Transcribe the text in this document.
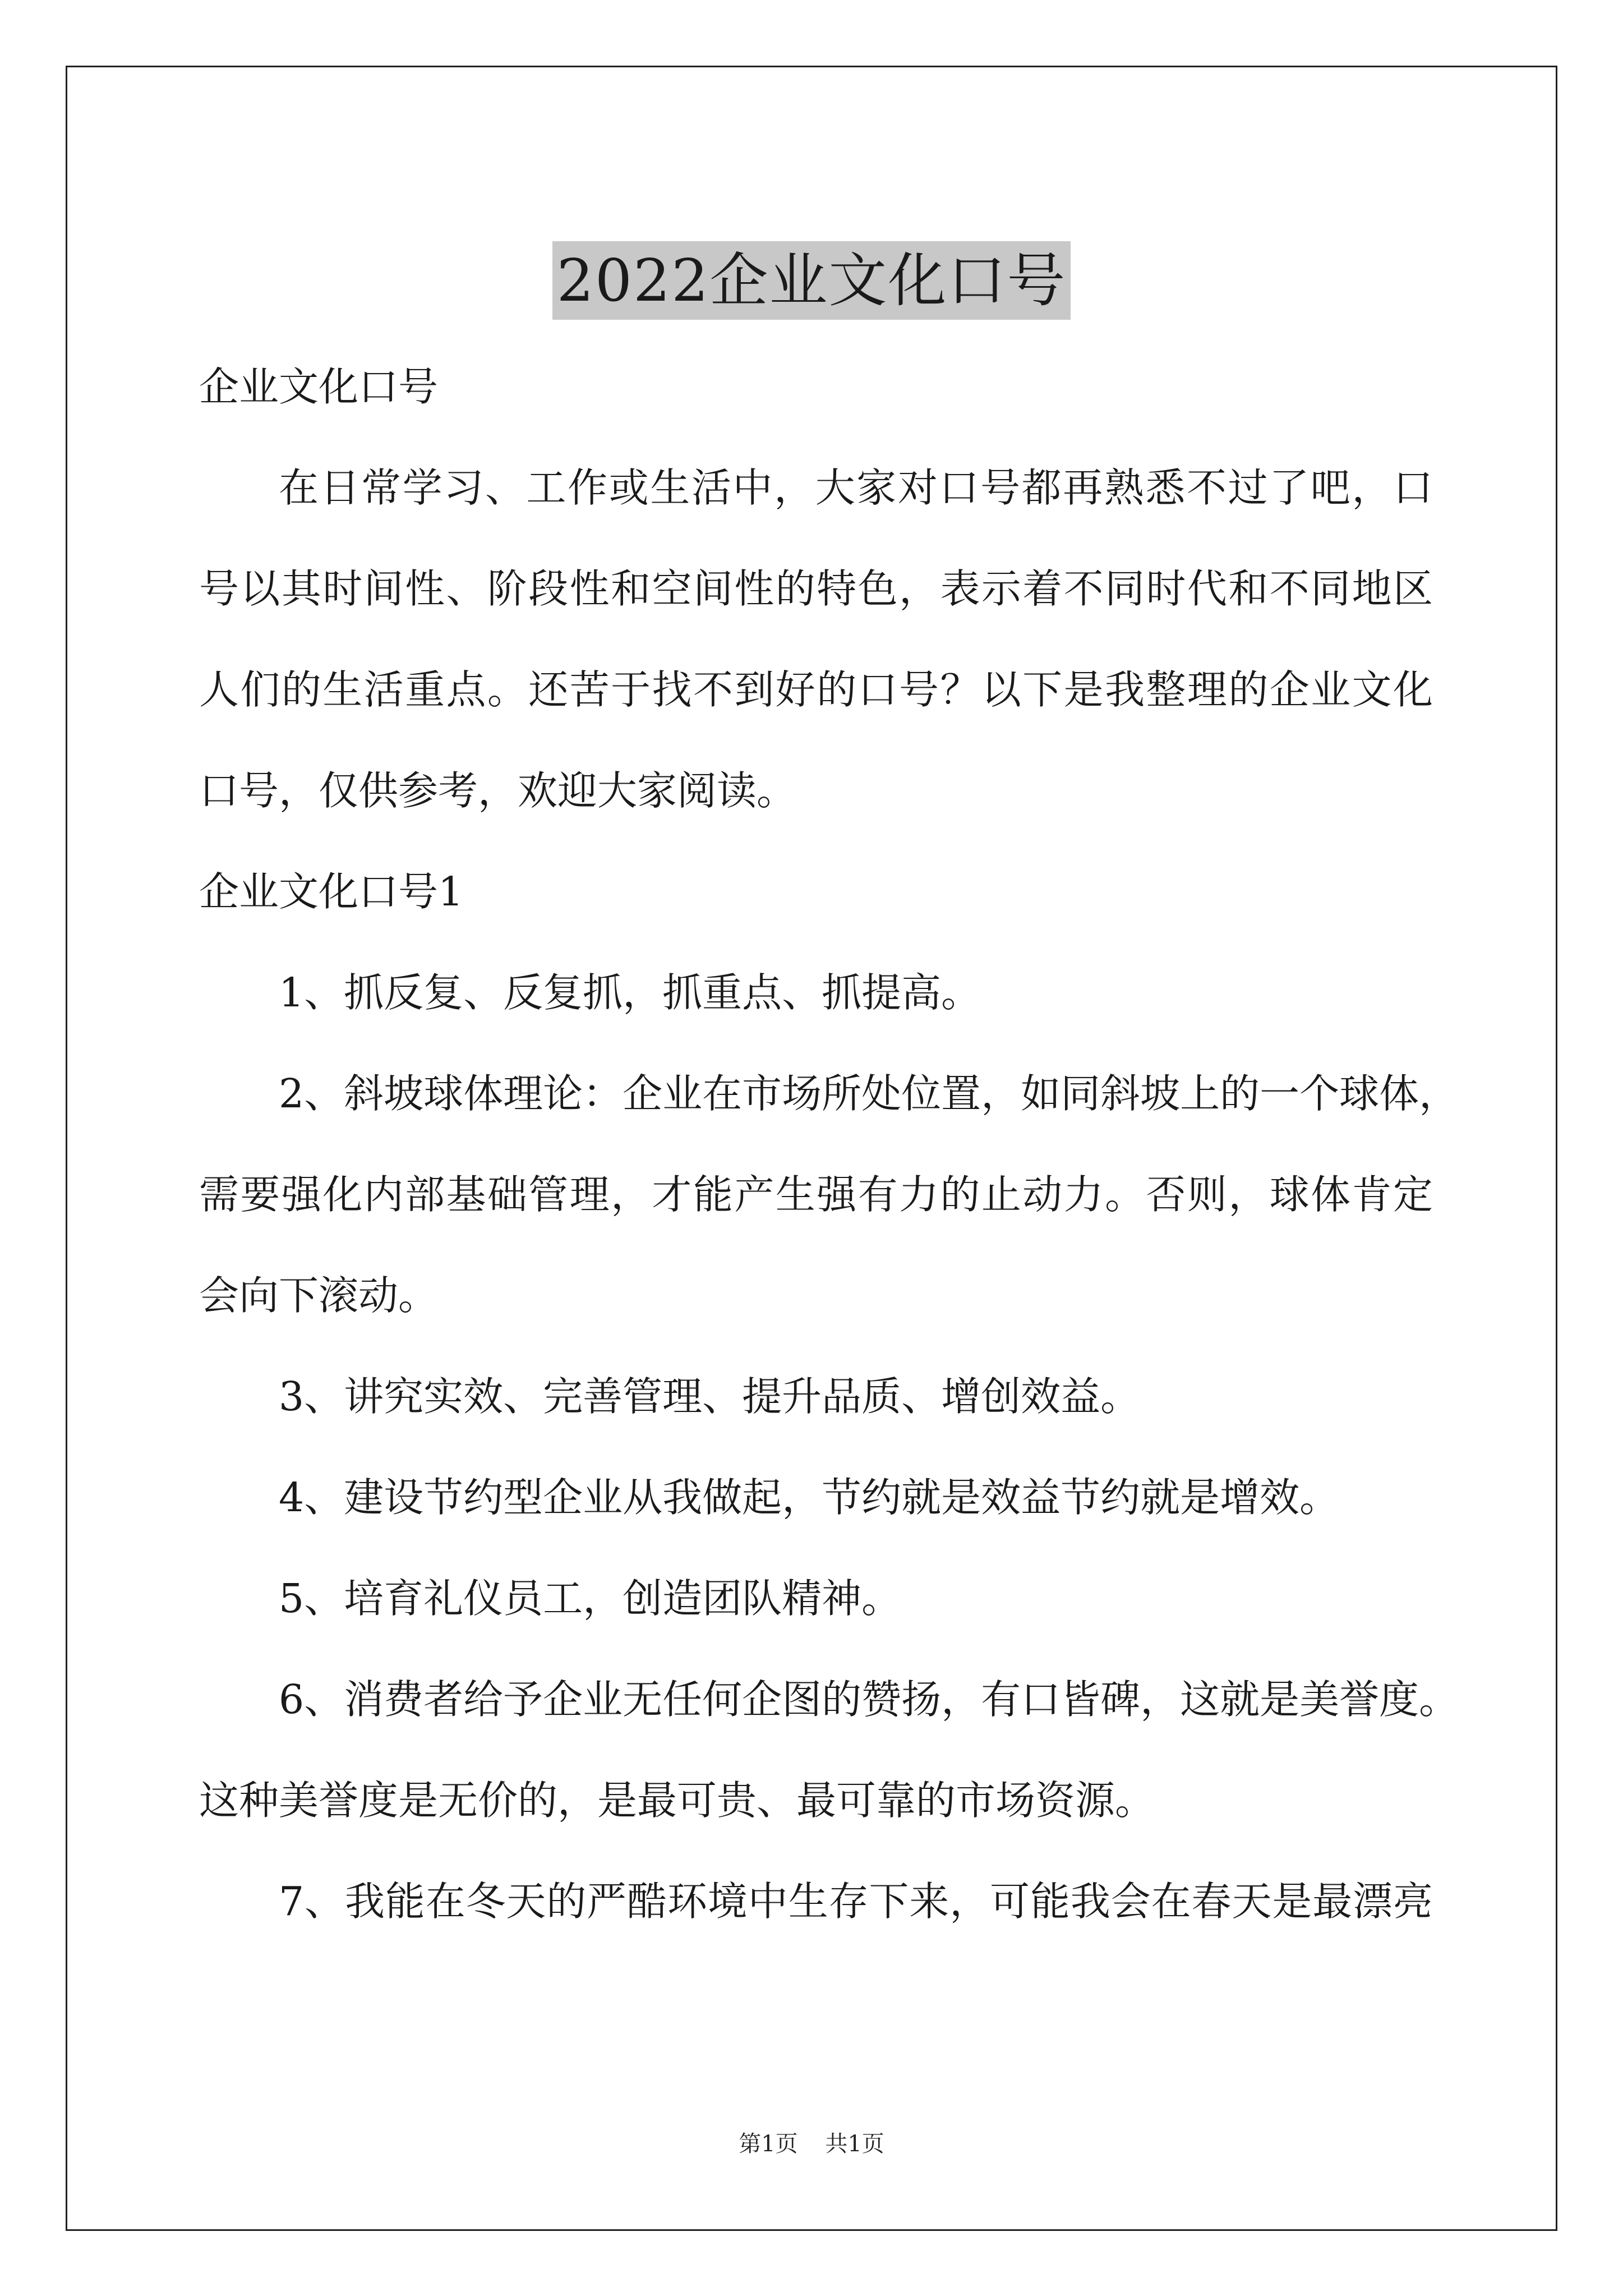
2022企业文化口号
企业文化口号
在日常学习、工作或生活中，大家对口号都再熟悉不过了吧，口
号以其时间性、阶段性和空间性的特色，表示着不同时代和不同地区
人们的生活重点。还苦于找不到好的口号？以下是我整理的企业文化
口号，仅供参考，欢迎大家阅读。
企业文化口号1
1、抓反复、反复抓，抓重点、抓提高。
2、斜坡球体理论：企业在市场所处位置，如同斜坡上的一个球体，
需要强化内部基础管理，才能产生强有力的止动力。否则，球体肯定
会向下滚动。
3、讲究实效、完善管理、提升品质、增创效益。
4、建设节约型企业从我做起，节约就是效益节约就是增效。
5、培育礼仪员工，创造团队精神。
6、消费者给予企业无任何企图的赞扬，有口皆碑，这就是美誉度。
这种美誉度是无价的，是最可贵、最可靠的市场资源。
7、我能在冬天的严酷环境中生存下来，可能我会在春天是最漂亮
第1页 共1页
